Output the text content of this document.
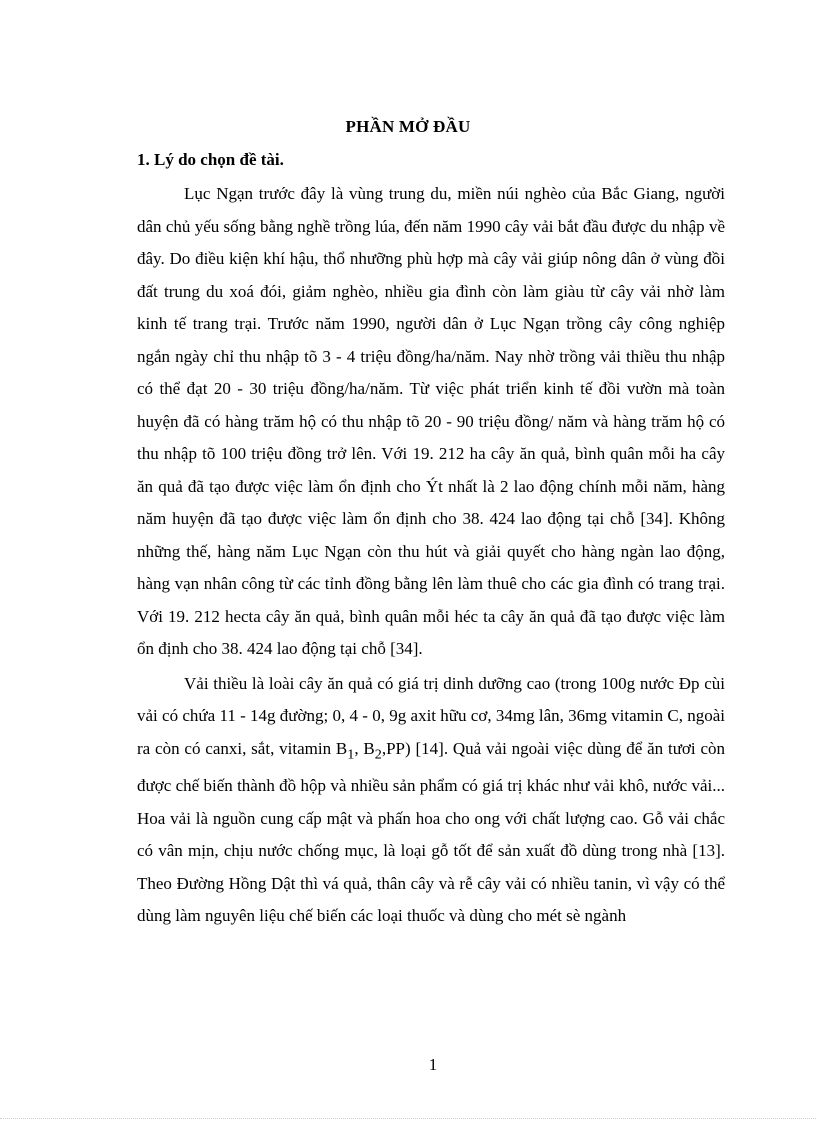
PHẦN MỞ ĐẦU
1. Lý do chọn đề tài.

Lục Ngạn trước đây là vùng trung du, miền núi nghèo của Bắc Giang, người dân chủ yếu sống bằng nghề trồng lúa, đến năm 1990 cây vải bắt đầu được du nhập về đây. Do điều kiện khí hậu, thổ nhưỡng phù hợp mà cây vải giúp nông dân ở vùng đồi đất trung du xoá đói, giảm nghèo, nhiều gia đình còn làm giàu từ cây vải nhờ làm kinh tế trang trại. Trước năm 1990, người dân ở Lục Ngạn trồng cây công nghiệp ngắn ngày chỉ thu nhập tõ 3 - 4 triệu đồng/ha/năm. Nay nhờ trồng vải thiều thu nhập có thể đạt 20 - 30 triệu đồng/ha/năm. Từ việc phát triển kinh tế đồi vườn mà toàn huyện đã có hàng trăm hộ có thu nhập tõ 20 - 90 triệu đồng/ năm và hàng trăm hộ có thu nhập tõ 100 triệu đồng trở lên. Với 19. 212 ha cây ăn quả, bình quân mỗi ha cây ăn quả đã tạo được việc làm ổn định cho Ýt nhất là 2 lao động chính mỗi năm, hàng năm huyện đã tạo được việc làm ổn định cho 38. 424 lao động tại chỗ [34]. Không những thế, hàng năm Lục Ngạn còn thu hút và giải quyết cho hàng ngàn lao động, hàng vạn nhân công từ các tỉnh đồng bằng lên làm thuê cho các gia đình có trang trại. Với 19. 212 hecta cây ăn quả, bình quân mỗi héc ta cây ăn quả đã tạo được việc làm ổn định cho 38. 424 lao động tại chỗ [34].

Vải thiều là loài cây ăn quả có giá trị dinh dưỡng cao (trong 100g nước Ðp cùi vải có chứa 11 - 14g đường; 0, 4 - 0, 9g axit hữu cơ, 34mg lân, 36mg vitamin C, ngoài ra còn có canxi, sắt, vitamin $B_1$, $B_2,PP$) [14]. Quả vải ngoài việc dùng để ăn tươi còn được chế biến thành đồ hộp và nhiều sản phẩm có giá trị khác như vải khô, nước vải... Hoa vải là nguồn cung cấp mật và phấn hoa cho ong với chất lượng cao. Gỗ vải chắc có vân mịn, chịu nước chống mục, là loại gỗ tốt để sản xuất đồ dùng trong nhà [13]. Theo Đường Hồng Dật thì vá quả, thân cây và rễ cây vải có nhiều tanin, vì vậy có thể dùng làm nguyên liệu chế biến các loại thuốc và dùng cho mét sè ngành

1
